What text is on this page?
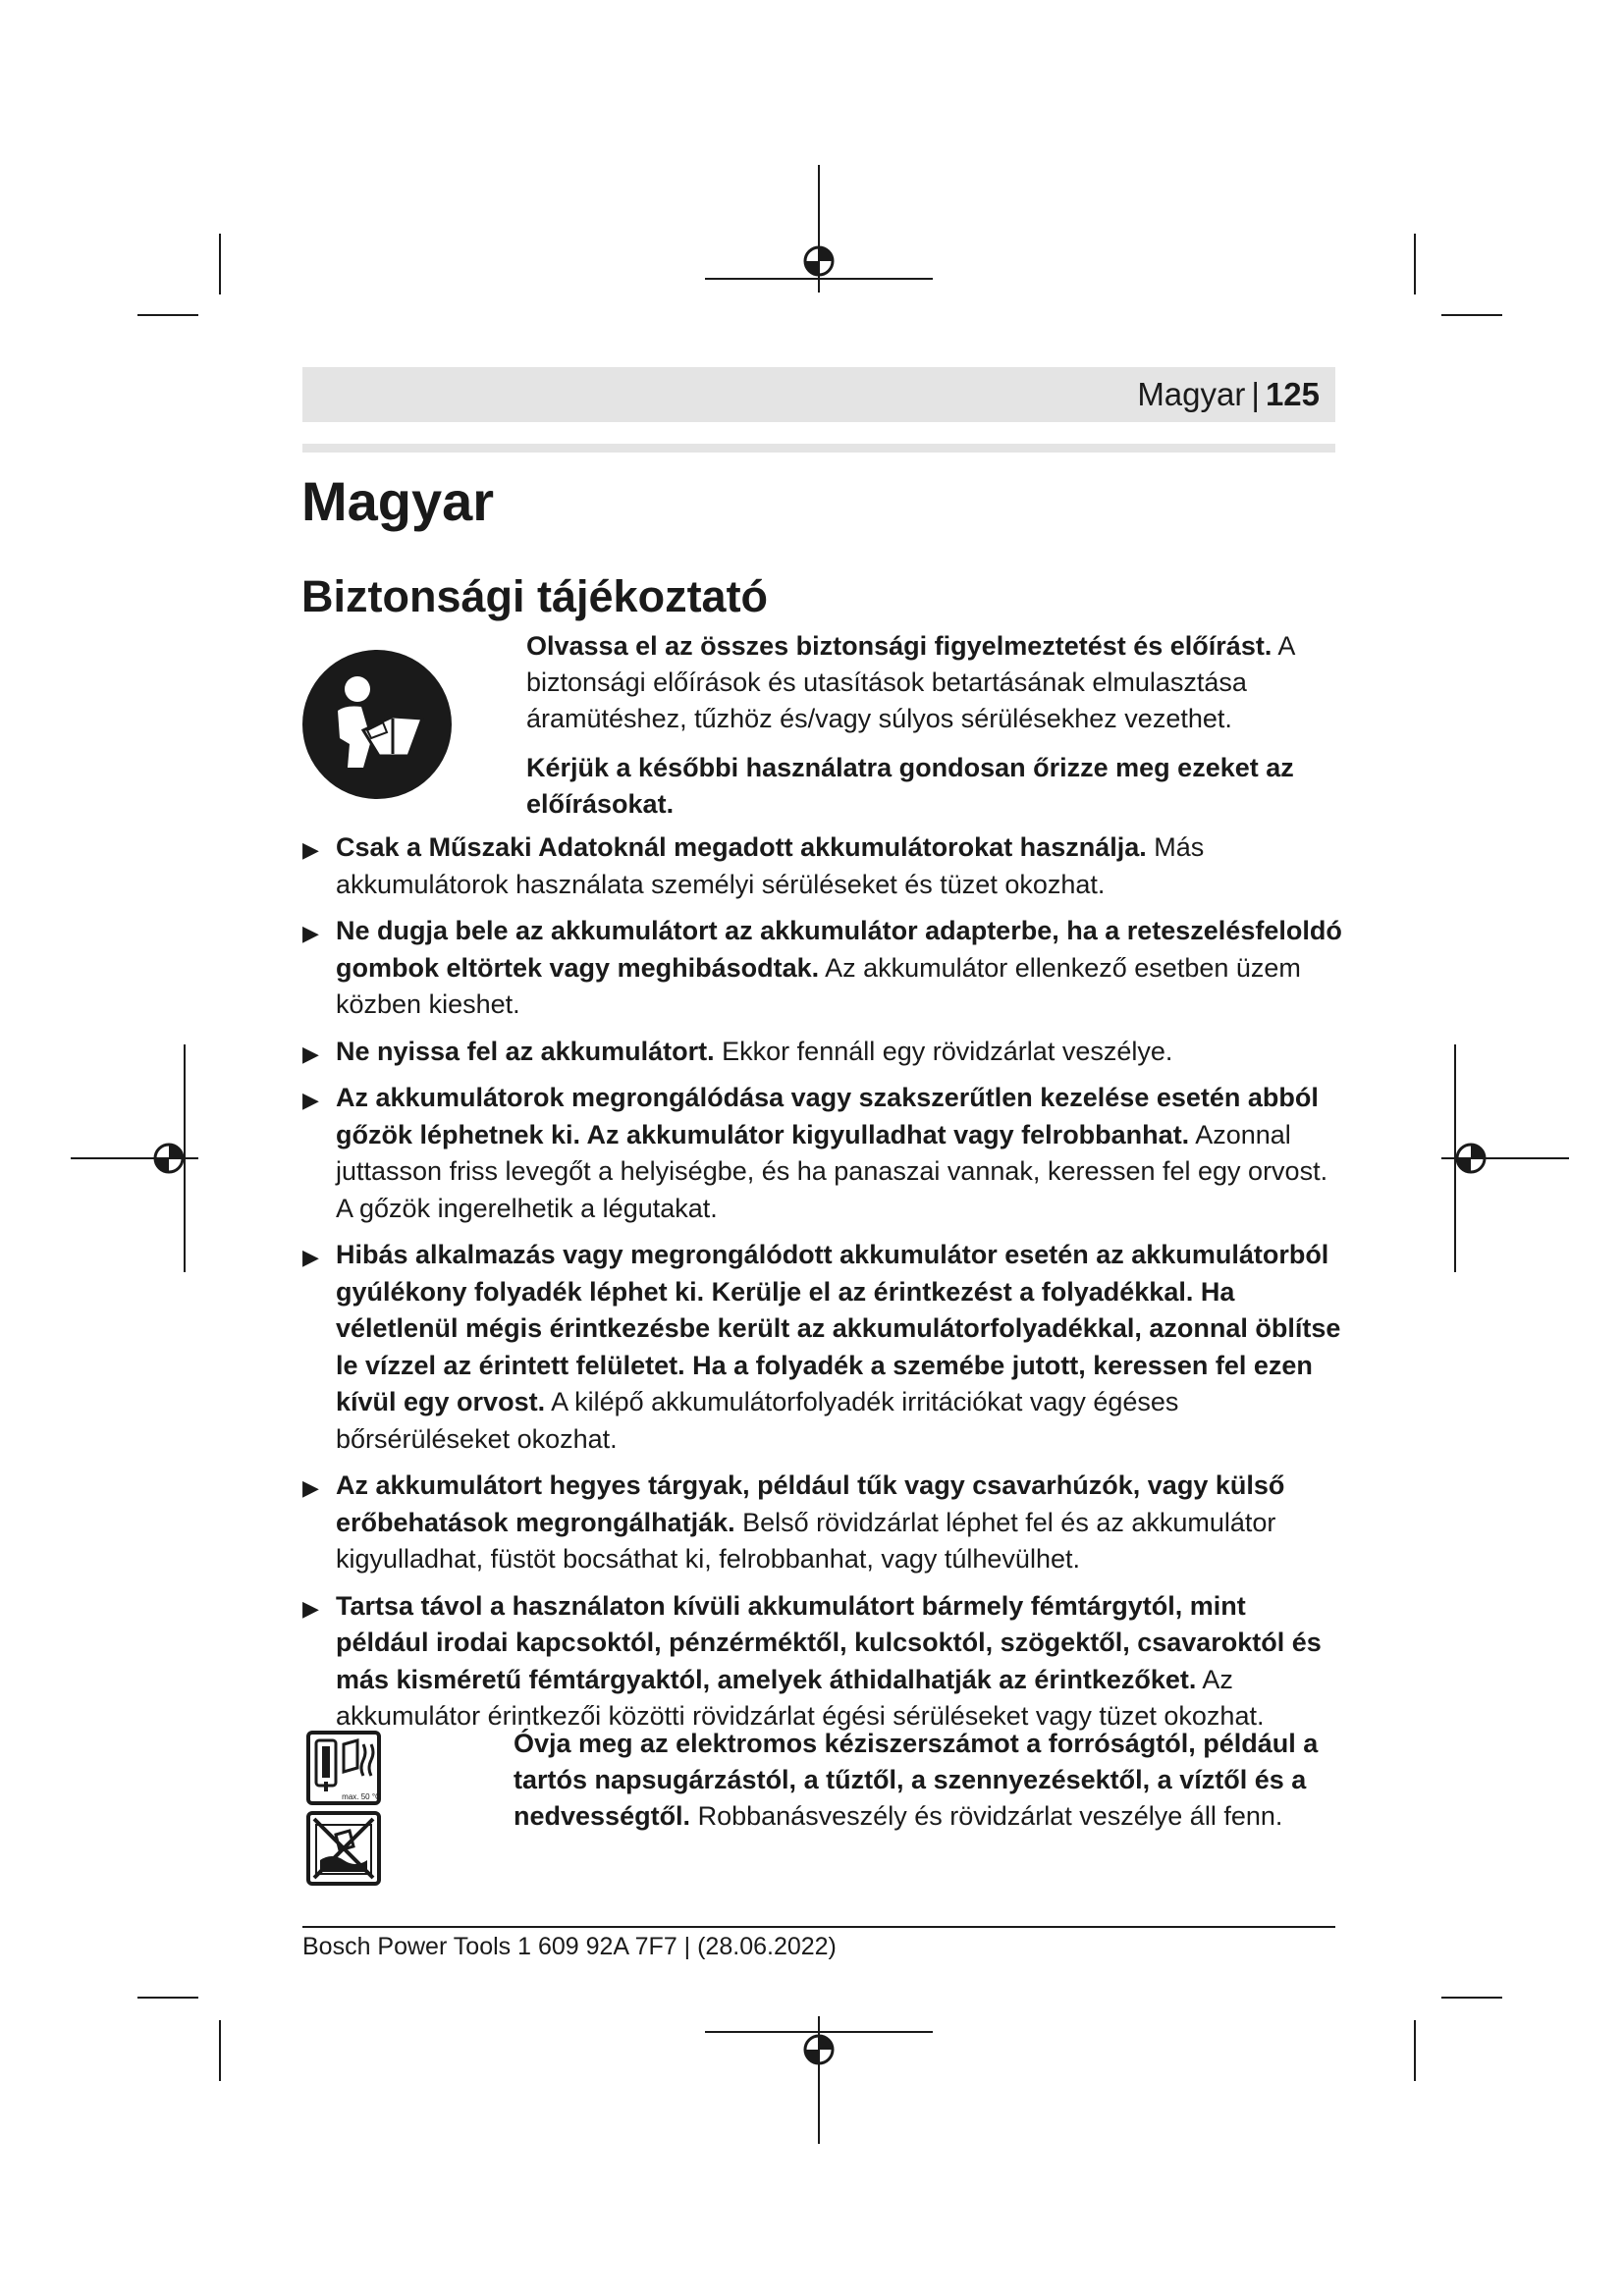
Magyar | 125
Magyar
Biztonsági tájékoztató

Olvassa el az összes biztonsági figyelmeztetést és előírást. A biztonsági előírások és utasítások betartásának elmulasztása áramütéshez, tűzhöz és/vagy súlyos sérülésekhez vezethet.

Kérjük a későbbi használatra gondosan őrizze meg ezeket az előírásokat.

▶ Csak a Műszaki Adatoknál megadott akkumulátorokat használja. Más akkumulátorok használata személyi sérüléseket és tüzet okozhat.
▶ Ne dugja bele az akkumulátort az akkumulátor adapterbe, ha a reteszelésfeloldó gombok eltörtek vagy meghibásodtak. Az akkumulátor ellenkező esetben üzem közben kieshet.
▶ Ne nyissa fel az akkumulátort. Ekkor fennáll egy rövidzárlat veszélye.
▶ Az akkumulátorok megrongálódása vagy szakszerűtlen kezelése esetén abból gőzök léphetnek ki. Az akkumulátor kigyulladhat vagy felrobbanhat. Azonnal juttasson friss levegőt a helyiségbe, és ha panaszai vannak, keressen fel egy orvost. A gőzök ingerelhetik a légutakat.
▶ Hibás alkalmazás vagy megrongálódott akkumulátor esetén az akkumulátorból gyúlékony folyadék léphet ki. Kerülje el az érintkezést a folyadékkal. Ha véletlenül mégis érintkezésbe került az akkumulátorfolyadékkal, azonnal öblítse le vízzel az érintett felületet. Ha a folyadék a szemébe jutott, keressen fel ezen kívül egy orvost. A kilépő akkumulátorfolyadék irritációkat vagy égéses bőrsérüléseket okozhat.
▶ Az akkumulátort hegyes tárgyak, például tűk vagy csavarhúzók, vagy külső erőbehatások megrongálhatják. Belső rövidzárlat léphet fel és az akkumulátor kigyulladhat, füstöt bocsáthat ki, felrobbanhat, vagy túlhevülhet.
▶ Tartsa távol a használaton kívüli akkumulátort bármely fémtárgytól, mint például irodai kapcsoktól, pénzérméktől, kulcsoktól, szögektől, csavaroktól és más kisméretű fémtárgyaktól, amelyek áthidalhatják az érintkezőket. Az akkumulátor érintkezői közötti rövidzárlat égési sérüléseket vagy tüzet okozhat.
max. 50 °C

Óvja meg az elektromos kéziszerszámot a forróságtól, például a tartós napsugárzástól, a tűztől, a szennyezésektől, a víztől és a nedvességtől. Robbanásveszély és rövidzárlat veszélye áll fenn.

Bosch Power Tools 1 609 92A 7F7 | (28.06.2022)
